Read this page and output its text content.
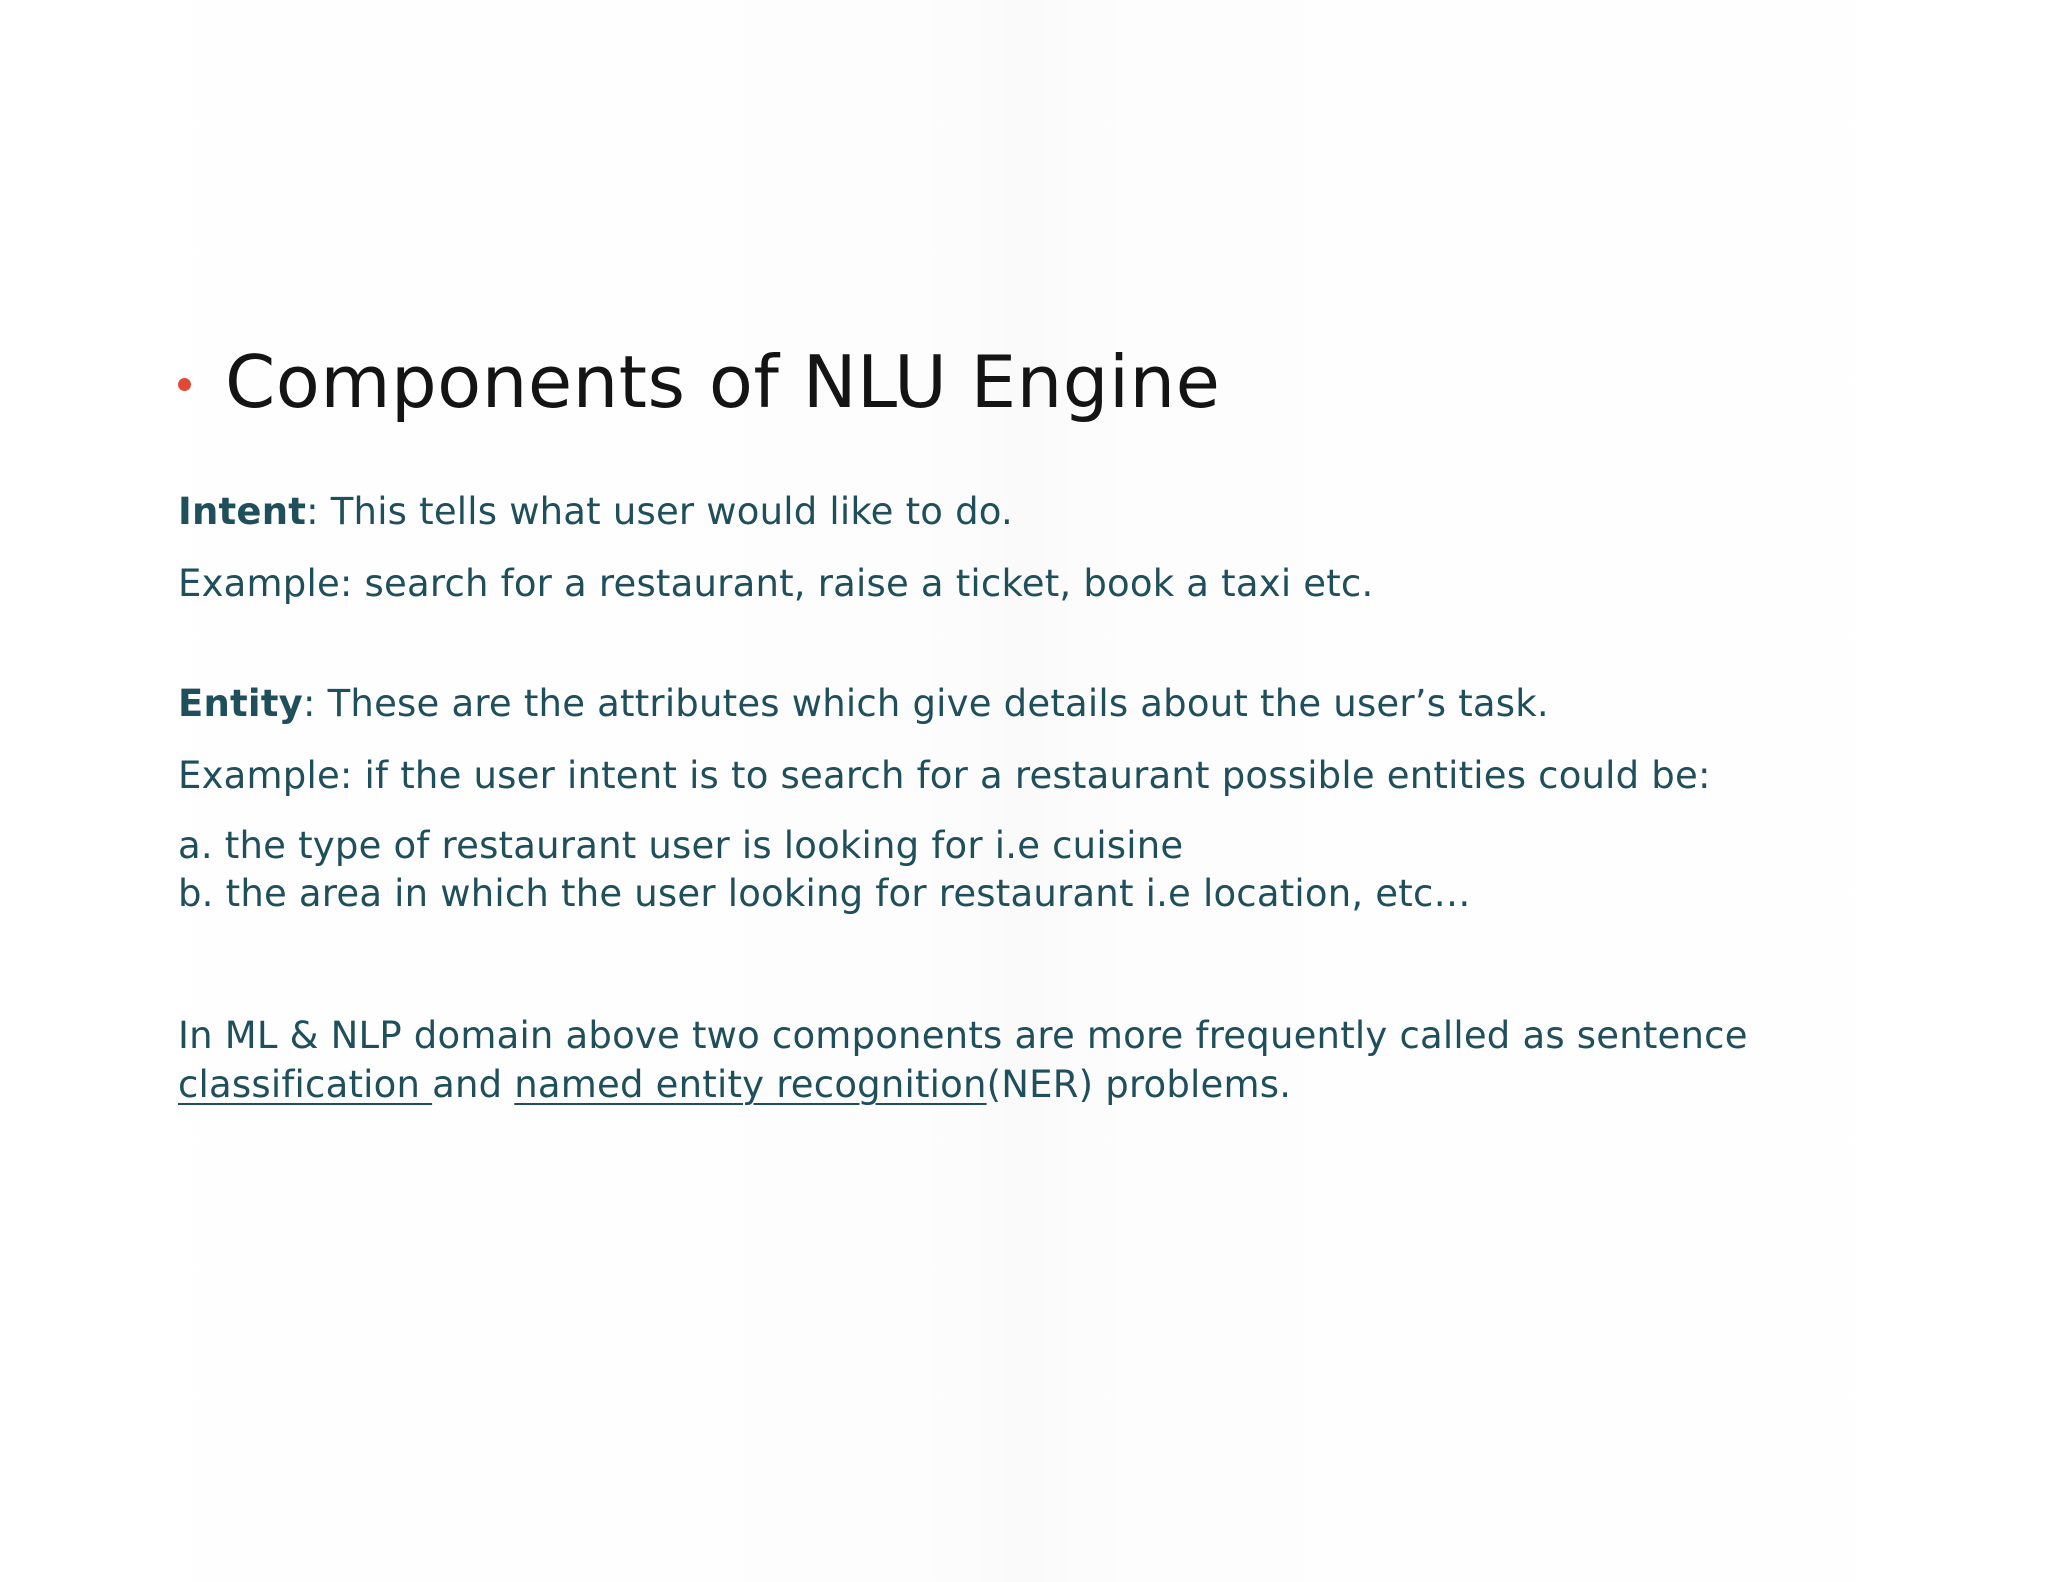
Components of NLU Engine
Intent: This tells what user would like to do.
Example: search for a restaurant, raise a ticket, book a taxi etc.
Entity: These are the attributes which give details about the user’s task.
Example: if the user intent is to search for a restaurant possible entities could be:
a. the type of restaurant user is looking for i.e cuisine
b. the area in which the user looking for restaurant i.e location, etc…
In ML & NLP domain above two components are more frequently called as sentence
classification and named entity recognition(NER) problems.
